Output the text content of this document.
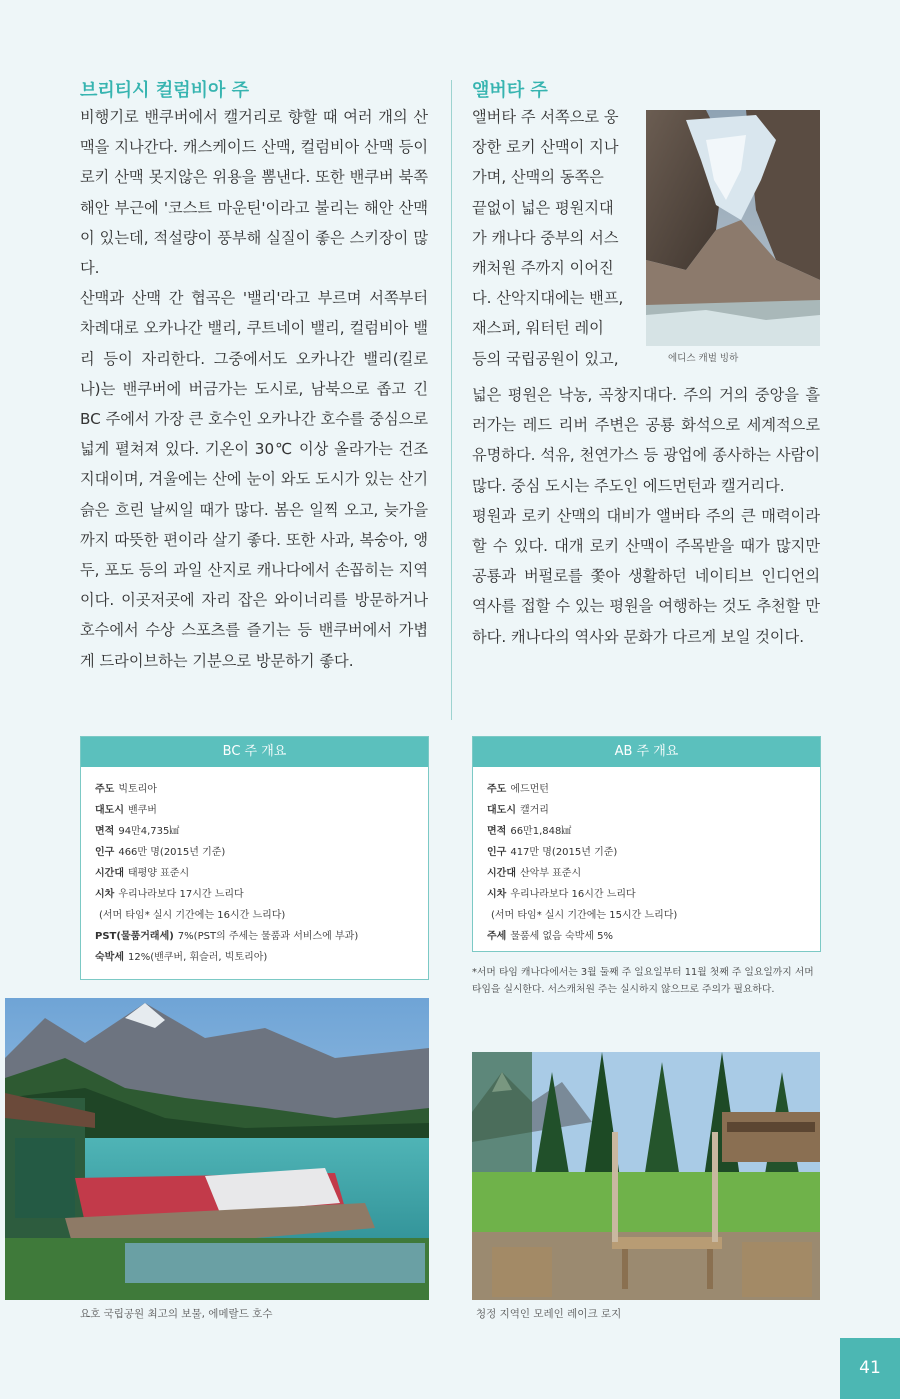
브리티시 컬럼비아 주

비행기로 밴쿠버에서 캘거리로 향할 때 여러 개의 산맥을 지나간다. 캐스케이드 산맥, 컬럼비아 산맥 등이 로키 산맥 못지않은 위용을 뽐낸다. 또한 밴쿠버 북쪽 해안 부근에 '코스트 마운틴'이라고 불리는 해안 산맥이 있는데, 적설량이 풍부해 실질이 좋은 스키장이 많다.

산맥과 산맥 간 협곡은 '밸리'라고 부르며 서쪽부터 차례대로 오카나간 밸리, 쿠트네이 밸리, 컬럼비아 밸리 등이 자리한다. 그중에서도 오카나간 밸리(킬로나)는 밴쿠버에 버금가는 도시로, 남북으로 좁고 긴 BC 주에서 가장 큰 호수인 오카나간 호수를 중심으로 넓게 펼쳐져 있다. 기온이 30℃ 이상 올라가는 건조지대이며, 겨울에는 산에 눈이 와도 도시가 있는 산기슭은 흐린 날씨일 때가 많다. 봄은 일찍 오고, 늦가을까지 따뜻한 편이라 살기 좋다. 또한 사과, 복숭아, 앵두, 포도 등의 과일 산지로 캐나다에서 손꼽히는 지역이다. 이곳저곳에 자리 잡은 와이너리를 방문하거나 호수에서 수상 스포츠를 즐기는 등 밴쿠버에서 가볍게 드라이브하는 기분으로 방문하기 좋다.

앨버타 주
앨버타 주 서쪽으로 웅
장한 로키 산맥이 지나
가며, 산맥의 동쪽은
끝없이 넓은 평원지대
가 캐나다 중부의 서스
캐처원 주까지 이어진
다. 산악지대에는 밴프,
재스퍼, 워터턴 레이
등의 국립공원이 있고,	에디스 캐벌 빙하

넓은 평원은 낙농, 곡창지대다. 주의 거의 중앙을 흘러가는 레드 리버 주변은 공룡 화석으로 세계적으로 유명하다. 석유, 천연가스 등 광업에 종사하는 사람이 많다. 중심 도시는 주도인 에드먼턴과 캘거리다.

평원과 로키 산맥의 대비가 앨버타 주의 큰 매력이라 할 수 있다. 대개 로키 산맥이 주목받을 때가 많지만 공룡과 버펄로를 쫓아 생활하던 네이티브 인디언의 역사를 접할 수 있는 평원을 여행하는 것도 추천할 만하다. 캐나다의 역사와 문화가 다르게 보일 것이다.

BC 주 개요
주도 빅토리아
대도시 밴쿠버
면적 94만4,735㎢
인구 466만 명(2015년 기준)
시간대 태평양 표준시
시차 우리나라보다 17시간 느리다
(서머 타임* 실시 기간에는 16시간 느리다)
PST(물품거래세) 7%(PST의 주세는 물품과 서비스에 부과)
숙박세 12%(밴쿠버, 휘슬러, 빅토리아)
AB 주 개요
주도 에드먼턴
대도시 캘거리
면적 66만1,848㎢
인구 417만 명(2015년 기준)
시간대 산악부 표준시
시차 우리나라보다 16시간 느리다
(서머 타임* 실시 기간에는 15시간 느리다)
주세 물품세 없음 숙박세 5%

*서머 타임 캐나다에서는 3월 둘째 주 일요일부터 11월 첫째 주 일요일까지 서머 타임을 실시한다. 서스캐처원 주는 실시하지 않으므로 주의가 필요하다.

요호 국립공원 최고의 보물, 에메랄드 호수	청정 지역인 모레인 레이크 로지
41
